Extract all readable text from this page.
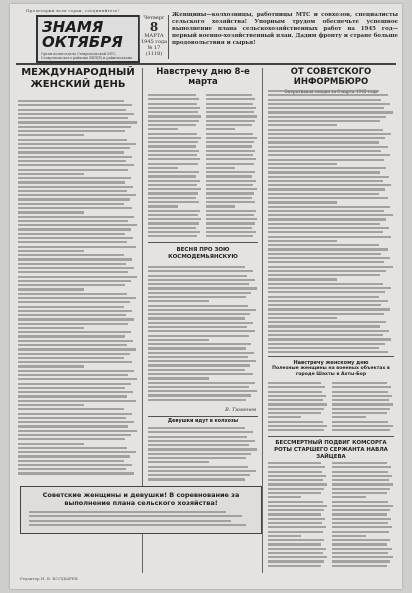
Пролетарии всех стран, соединяйтесь!
ЗНАМЯ ОКТЯБРЯ
Орган политотдела Ставропольской МТС, Ставропольского райкома ВКП(б) и райисполкома
Четверг
8
МАРТА
1945 года
№ 17 (1118)
Женщины—колхозницы, работницы МТС и совхозов, специалисты сельского хозяйства! Упорным трудом обеспечьте успешное выполнение плана сельскохозяйственных работ на 1945 год—первый военно-хозяйственный план. Дадим фронту и стране больше продовольствия и сырья!
МЕЖДУНАРОДНЫЙ ЖЕНСКИЙ ДЕНЬ
Советские женщины и девушки! В соревнование за выполнение плана сельского хозяйства!
Навстречу дню 8-е марта
ВЕСНЯ ПРО ЗОЮ КОСМОДЕМЬЯНСКУЮ
В. Тюменев
Девушки идут в колхозы
ОТ СОВЕТСКОГО ИНФОРМБЮРО
Навстречу женскому дню
Полезные женщины на военных объектах в городе Шахты в Ахты-Бор
БЕССМЕРТНЫЙ ПОДВИГ КОМСОРГА РОТЫ СТАРШЕГО СЕРЖАНТА НАВЛА ЗАЙЦЕВА
Редактор Н. В. БОЛДЫРЕВ
